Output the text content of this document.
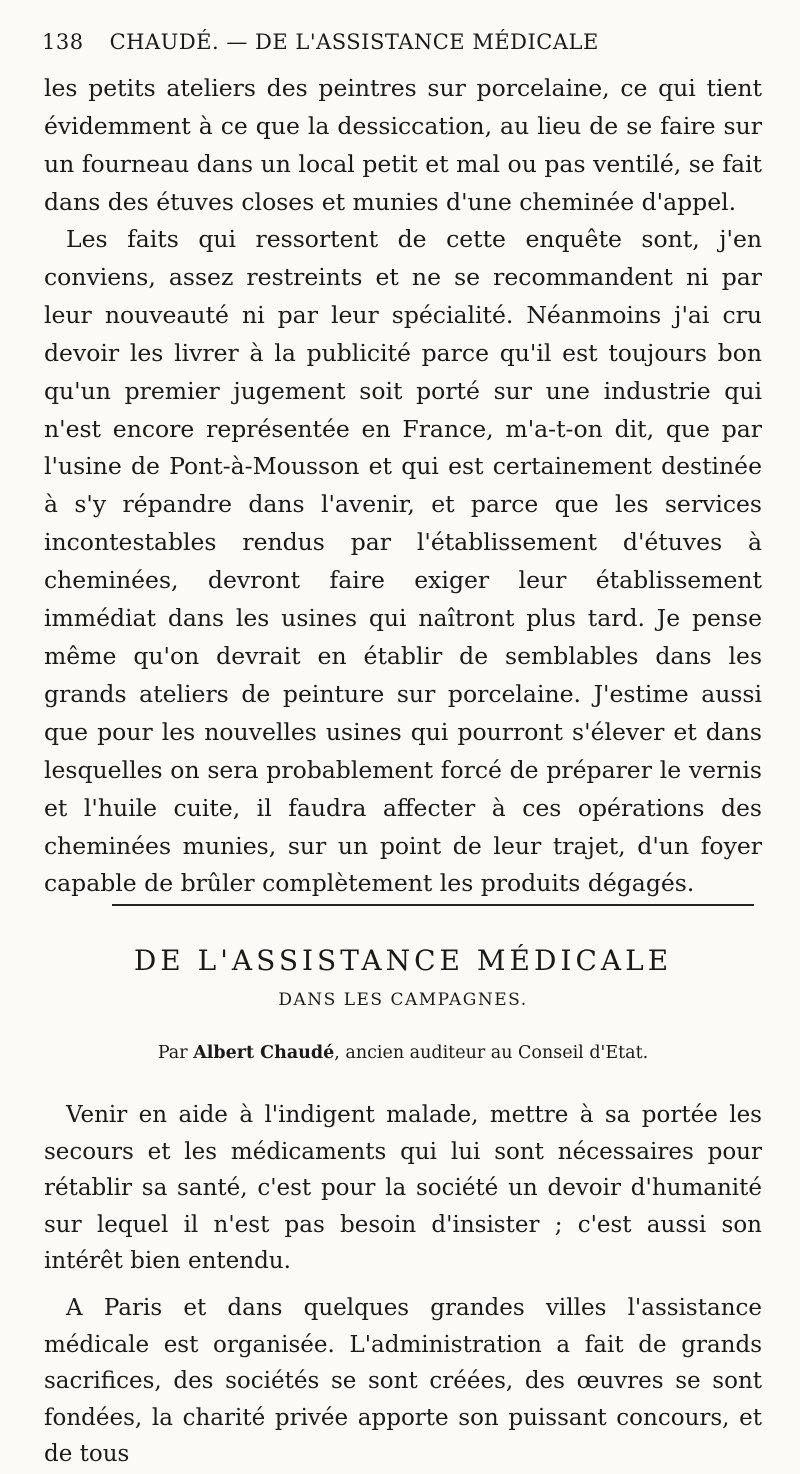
138 CHAUDÉ. — DE L'ASSISTANCE MÉDICALE

les petits ateliers des peintres sur porcelaine, ce qui tient évidemment à ce que la dessiccation, au lieu de se faire sur un fourneau dans un local petit et mal ou pas ventilé, se fait dans des étuves closes et munies d'une cheminée d'appel.

Les faits qui ressortent de cette enquête sont, j'en conviens, assez restreints et ne se recommandent ni par leur nouveauté ni par leur spécialité. Néanmoins j'ai cru devoir les livrer à la publicité parce qu'il est toujours bon qu'un premier jugement soit porté sur une industrie qui n'est encore représentée en France, m'a-t-on dit, que par l'usine de Pont-à-Mousson et qui est certainement destinée à s'y répandre dans l'avenir, et parce que les services incontestables rendus par l'établissement d'étuves à cheminées, devront faire exiger leur établissement immédiat dans les usines qui naîtront plus tard. Je pense même qu'on devrait en établir de semblables dans les grands ateliers de peinture sur porcelaine. J'estime aussi que pour les nouvelles usines qui pourront s'élever et dans lesquelles on sera probablement forcé de préparer le vernis et l'huile cuite, il faudra affecter à ces opérations des cheminées munies, sur un point de leur trajet, d'un foyer capable de brûler complètement les produits dégagés.

DE L'ASSISTANCE MÉDICALE

DANS LES CAMPAGNES.

Par Albert Chaudé, ancien auditeur au Conseil d'Etat.

Venir en aide à l'indigent malade, mettre à sa portée les secours et les médicaments qui lui sont nécessaires pour rétablir sa santé, c'est pour la société un devoir d'humanité sur lequel il n'est pas besoin d'insister ; c'est aussi son intérêt bien entendu.

A Paris et dans quelques grandes villes l'assistance médicale est organisée. L'administration a fait de grands sacrifices, des sociétés se sont créées, des œuvres se sont fondées, la charité privée apporte son puissant concours, et de tous
